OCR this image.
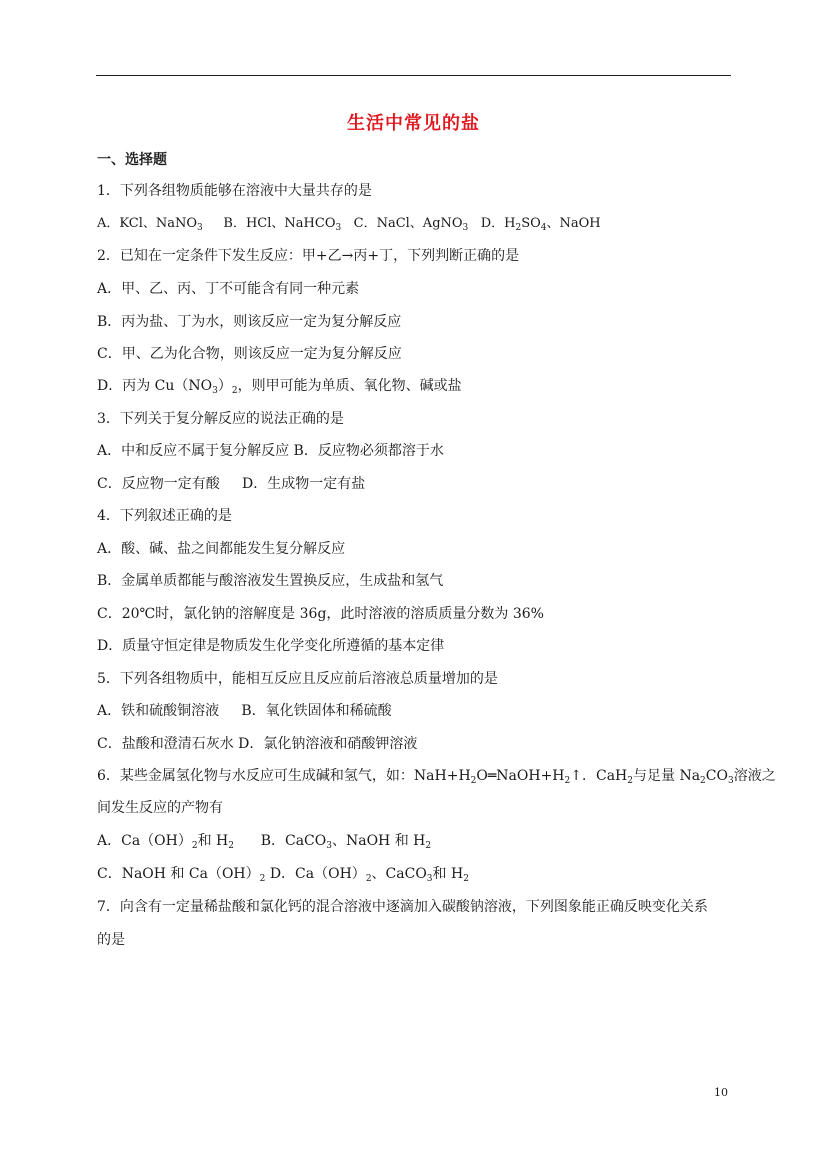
生活中常见的盐
一、选择题
1．下列各组物质能够在溶液中大量共存的是
A．KCl、NaNO$_3$ B．HCl、NaHCO$_3$ C．NaCl、AgNO$_3$ D．$H_2SO_4$、NaOH
2．已知在一定条件下发生反应：甲+乙→丙+丁，下列判断正确的是
A．甲、乙、丙、丁不可能含有同一种元素
B．丙为盐、丁为水，则该反应一定为复分解反应
C．甲、乙为化合物，则该反应一定为复分解反应
D．丙为 $Cu(NO_3)_2$，则甲可能为单质、氧化物、碱或盐
3．下列关于复分解反应的说法正确的是
A．中和反应不属于复分解反应 B．反应物必须都溶于水
C．反应物一定有酸 D．生成物一定有盐
4．下列叙述正确的是
A．酸、碱、盐之间都能发生复分解反应
B．金属单质都能与酸溶液发生置换反应，生成盐和氢气
C．20℃时，氯化钠的溶解度是 36g，此时溶液的溶质质量分数为 36%
D．质量守恒定律是物质发生化学变化所遵循的基本定律
5．下列各组物质中，能相互反应且反应前后溶液总质量增加的是
A．铁和硫酸铜溶液 B．氧化铁固体和稀硫酸
C．盐酸和澄清石灰水 D．氯化钠溶液和硝酸钾溶液
6．某些金属氢化物与水反应可生成碱和氢气，如：$NaH+H_2O═NaOH+H_2↑$．CaH$_2$与足量 $Na_2CO_3$溶液之
间发生反应的产物有
A．$Ca(OH)_2$和 $H_2$ B．CaCO$_3$、NaOH 和 $H_2$
C．NaOH 和 $Ca(OH)_2$ D．$Ca(OH)_2$、CaCO$_3$和 $H_2$
7．向含有一定量稀盐酸和氯化钙的混合溶液中逐滴加入碳酸钠溶液，下列图象能正确反映变化关系
的是
10
